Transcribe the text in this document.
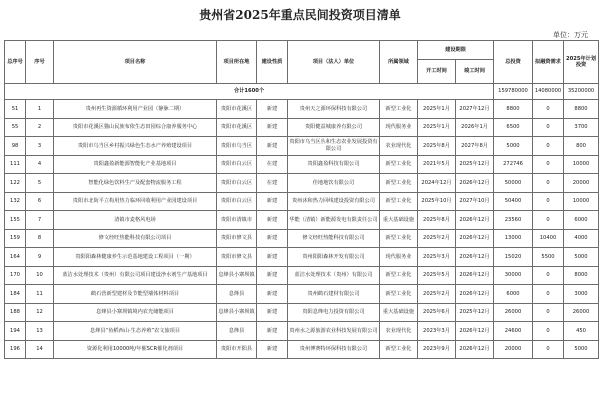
贵州省2025年重点民间投资项目清单
单位：万元
总序号	序号	项目名称	项目所在地	建设性质	项目（法人）单位	所属领域	建设期限		总投资	拟融资需求	2025年计划投资
							开工时间	竣工时间			
合计1600个									159780000	14080000	35200000
51	1	贵州再生资源循环利用产业园（静脉二期）	贵阳市花溪区	新建	贵州天之源环保科技有限公司	新型工业化	2025年1月	2027年12月	8800	0	8800
55	2	贵阳市花溪区猫山民族布依生态田园综合康养服务中心	贵阳市花溪区	新建	贵阳健益城康养有限公司	现代服务业	2025年1月	2026年1月	6500	0	3700
98	3	贵阳市乌当区乡村振兴绿色生态水产养殖建设项目	贵阳市乌当区	新建	贵阳市乌当区丛和生态农业发展投资有限公司	农业现代化	2025年8月	2027年8月	5000	0	800
111	4	贵阳鑫盈新能源智能化产业基地项目	贵阳市白云区	在建	贵阳鑫盈科技有限公司	新型工业化	2021年5月	2025年12月	272746	0	10000
122	5	智能化绿色饮料生产及配套物流服务工程	贵阳市白云区	在建	佳地地饮有限公司	新型工业化	2024年12月	2026年12月	50000	0	20000
132	6	贵阳市北街平立构用热力临环回收利用产业园建设项目	贵阳市白云区	新建	贵州沐和热力回线建设投资有限公司	新型工业化	2025年10月	2027年10月	50400	0	10000
155	7	清镇市麦格风电场	贵阳市清镇市	新建	华能（清镇）新能源发电有限责任公司	重大基础设施	2025年8月	2026年12月	23560	0	6000
159	8	修文经旺热能科技有限公司项目	贵阳市修文县	新建	修文经旺热能科技有限公司	新型工业化	2025年2月	2026年12月	13000	10400	4000
164	9	贵阳阳森林健康养生示范基地建设工程项目（一期）	贵阳市修文县	新建	贵州阳阳森林开发有限公司	现代服务业	2025年3月	2026年12月	15020	5500	5000
170	10	蓝洁水处理技术（贵州）有限公司项目建设净水剂生产基地项目	息烽县小寨坝镇	新建	蓝洁水处理技术（贵州）有限公司	新型工业化	2025年5月	2026年12月	30000	0	8000
184	11	鹤石营新型建材及节能型墙体材料项目	息烽县	新建	贵州鹤石建材有限公司	新型工业化	2025年2月	2026年12月	6000	0	3000
188	12	息烽县小寨坝镇境内农光储能项目	息烽县小寨坝镇	新建	贵阳息烽电力投资有限公司	重大基础设施	2025年6月	2025年12月	26000	0	26000
194	13	息烽县“鱼稻西山·生态养殖”农文旅项目	息烽县	新建	贵州水之源旅游农业科技发展有限公司	农业现代化	2023年3月	2026年12月	24600	0	450
196	14	资源化利用10000吨/年催SCR催化剂项目	贵阳市开阳县	新建	贵州博赛特环保科技有限公司	新型工业化	2023年9月	2026年12月	20000	0	5000
